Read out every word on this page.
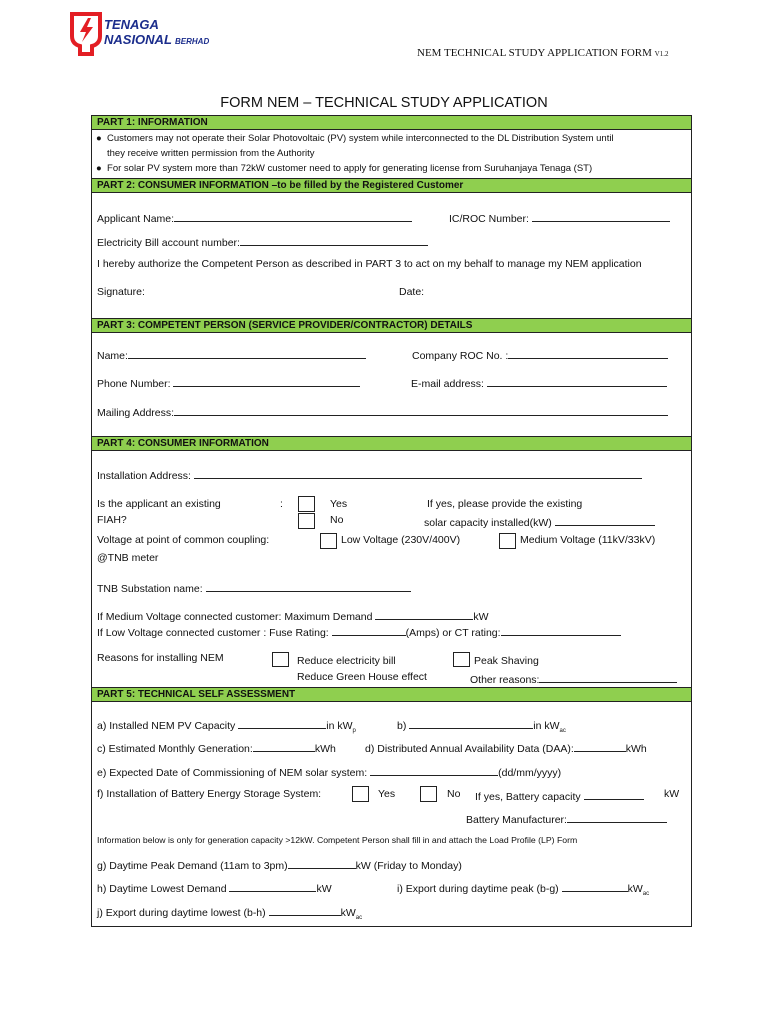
TENAGA
NASIONAL BERHAD
NEM TECHNICAL STUDY APPLICATION FORM V1.2
FORM NEM – TECHNICAL STUDY APPLICATION
PART 1: INFORMATION
●  Customers may not operate their Solar Photovoltaic (PV) system while interconnected to the DL Distribution System until
they receive written permission from the Authority
●  For solar PV system more than 72kW customer need to apply for generating license from Suruhanjaya Tenaga (ST)
PART 2: CONSUMER INFORMATION –to be filled by the Registered Customer
Applicant Name:	IC/ROC Number:
Electricity Bill account number:
I hereby authorize the Competent Person as described in PART 3 to act on my behalf to manage my NEM application
Signature:	Date:
PART 3: COMPETENT PERSON (SERVICE PROVIDER/CONTRACTOR) DETAILS
Name:	Company ROC No. :
Phone Number:	E-mail address:
Mailing Address:
PART 4: CONSUMER INFORMATION
Installation Address:
Is the applicant an existing
FIAH?
:	Yes
No
If yes, please provide the existing
solar capacity installed(kW)
Voltage at point of common coupling:
@TNB meter
Low Voltage (230V/400V)	Medium Voltage (11kV/33kV)
TNB Substation name:
If Medium Voltage connected customer: Maximum Demand	kW
If Low Voltage connected customer : Fuse Rating:	(Amps) or CT rating:
Reasons for installing NEM	Reduce electricity bill	Peak Shaving
Reduce Green House effect	Other reasons:
PART 5: TECHNICAL SELF ASSESSMENT
a) Installed NEM PV Capacity	in $kW_p$	b)	in $kW_{ac}$
c) Estimated Monthly Generation:	kWh	d) Distributed Annual Availability Data (DAA):	kWh
e) Expected Date of Commissioning of NEM solar system:	(dd/mm/yyyy)
f) Installation of Battery Energy Storage System:	Yes	No If yes, Battery capacity	kW
Battery Manufacturer:
Information below is only for generation capacity >12kW. Competent Person shall fill in and attach the Load Profile (LP) Form
g) Daytime Peak Demand (11am to 3pm)	kW (Friday to Monday)
h) Daytime Lowest Demand	kW	i) Export during daytime peak (b-g)	$kW_{ac}$
j) Export during daytime lowest (b-h)	$kW_{ac}$
